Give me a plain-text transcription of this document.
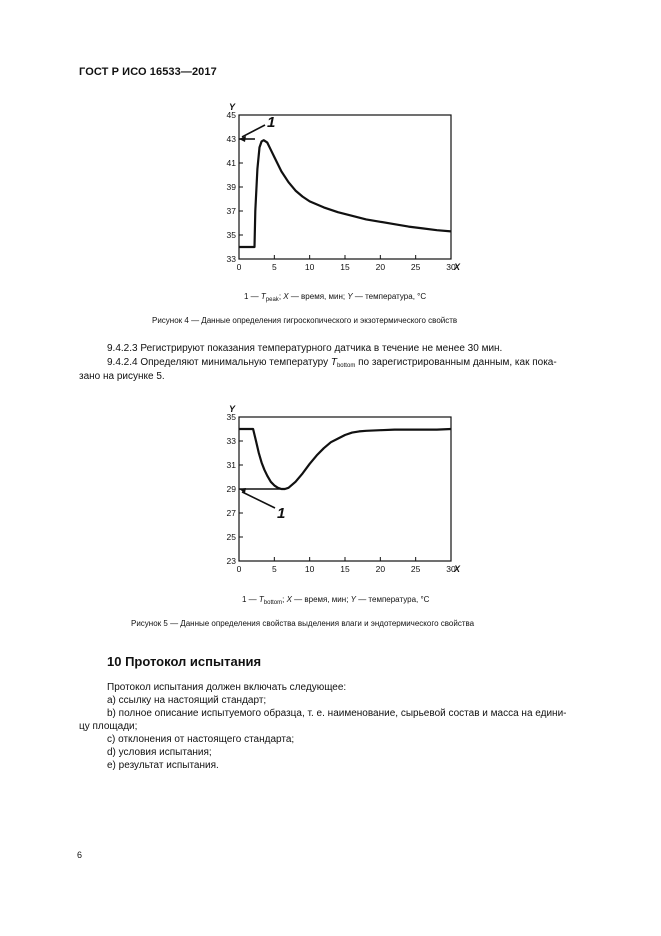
ГОСТ Р ИСО 16533—2017
33
35
37
39
41
43
45
0	5	10	15	20	25	30
X
Y
1
1 — $T_{peak}$; X — время, мин; Y — температура, °C
Рисунок 4 — Данные определения гигроскопического и экзотермического свойств
9.4.2.3 Регистрируют показания температурного датчика в течение не менее 30 мин.
9.4.2.4 Определяют минимальную температуру $T_{bottom}$ по зарегистрированным данным, как пока-
зано на рисунке 5.
23
25
27
29
31
33
35
0	5	10	15	20	25	30
X
Y
1
1 — $T_{bottom}$; X — время, мин; Y — температура, °C
Рисунок 5 — Данные определения свойства выделения влаги и эндотермического свойства
10 Протокол испытания
Протокол испытания должен включать следующее:
a) ссылку на настоящий стандарт;
b) полное описание испытуемого образца, т. е. наименование, сырьевой состав и масса на едини-
цу площади;
c) отклонения от настоящего стандарта;
d) условия испытания;
e) результат испытания.
6
